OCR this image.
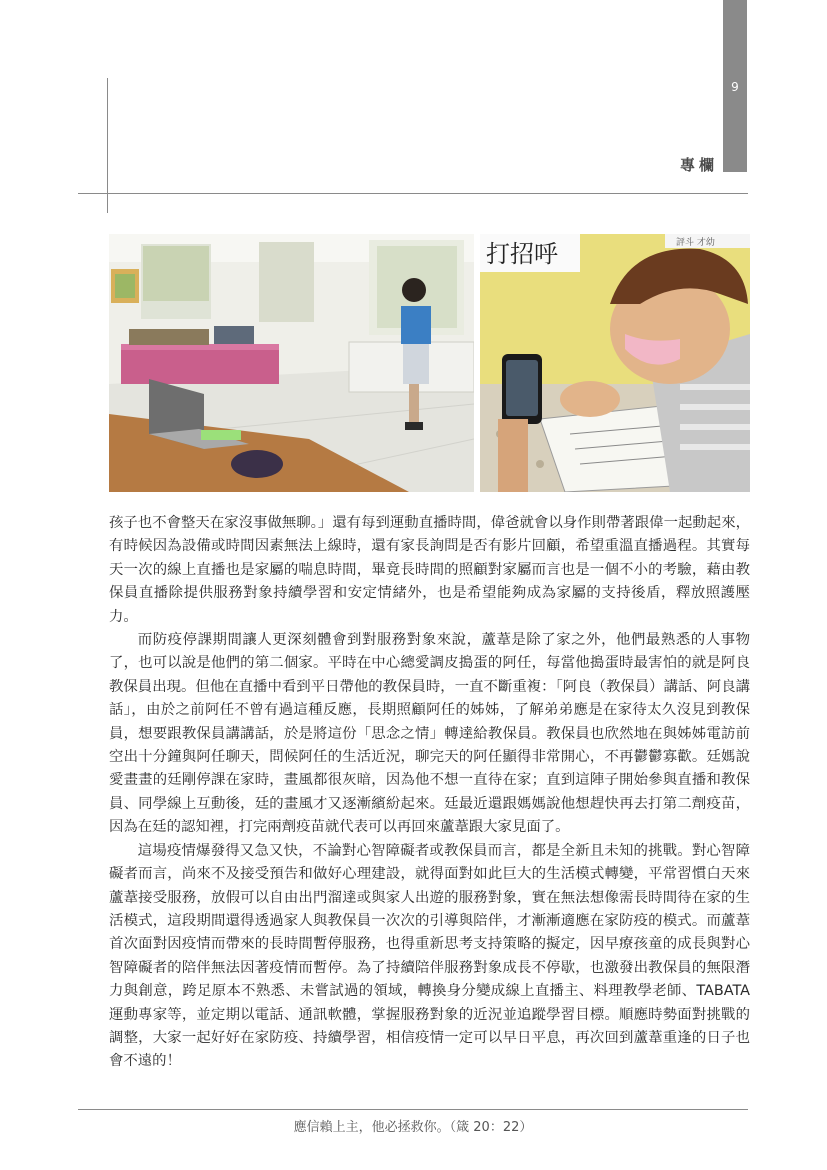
9
專欄
打招呼	評斗 才幼

孩子也不會整天在家沒事做無聊。」還有每到運動直播時間，偉爸就會以身作則帶著跟偉一起動起來，有時候因為設備或時間因素無法上線時，還有家長詢問是否有影片回顧，希望重溫直播過程。其實每天一次的線上直播也是家屬的喘息時間，畢竟長時間的照顧對家屬而言也是一個不小的考驗，藉由教保員直播除提供服務對象持續學習和安定情緒外，也是希望能夠成為家屬的支持後盾，釋放照護壓力。

而防疫停課期間讓人更深刻體會到對服務對象來說，蘆葦是除了家之外，他們最熟悉的人事物了，也可以說是他們的第二個家。平時在中心總愛調皮搗蛋的阿任，每當他搗蛋時最害怕的就是阿良教保員出現。但他在直播中看到平日帶他的教保員時，一直不斷重複：「阿良（教保員）講話、阿良講話」，由於之前阿任不曾有過這種反應，長期照顧阿任的姊姊，了解弟弟應是在家待太久沒見到教保員，想要跟教保員講講話，於是將這份「思念之情」轉達給教保員。教保員也欣然地在與姊姊電訪前空出十分鐘與阿任聊天，問候阿任的生活近況，聊完天的阿任顯得非常開心，不再鬱鬱寡歡。廷媽說愛畫畫的廷剛停課在家時，畫風都很灰暗，因為他不想一直待在家；直到這陣子開始參與直播和教保員、同學線上互動後，廷的畫風才又逐漸繽紛起來。廷最近還跟媽媽說他想趕快再去打第二劑疫苗，因為在廷的認知裡，打完兩劑疫苗就代表可以再回來蘆葦跟大家見面了。

這場疫情爆發得又急又快，不論對心智障礙者或教保員而言，都是全新且未知的挑戰。對心智障礙者而言，尚來不及接受預告和做好心理建設，就得面對如此巨大的生活模式轉變，平常習慣白天來蘆葦接受服務，放假可以自由出門溜達或與家人出遊的服務對象，實在無法想像需長時間待在家的生活模式，這段期間還得透過家人與教保員一次次的引導與陪伴，才漸漸適應在家防疫的模式。而蘆葦首次面對因疫情而帶來的長時間暫停服務，也得重新思考支持策略的擬定，因早療孩童的成長與對心智障礙者的陪伴無法因著疫情而暫停。為了持續陪伴服務對象成長不停歇，也激發出教保員的無限潛力與創意，跨足原本不熟悉、未嘗試過的領域，轉換身分變成線上直播主、料理教學老師、TABATA 運動專家等，並定期以電話、通訊軟體，掌握服務對象的近況並追蹤學習目標。順應時勢面對挑戰的調整，大家一起好好在家防疫、持續學習，相信疫情一定可以早日平息，再次回到蘆葦重逢的日子也會不遠的！

應信賴上主，他必拯救你。（箴 20：22）
